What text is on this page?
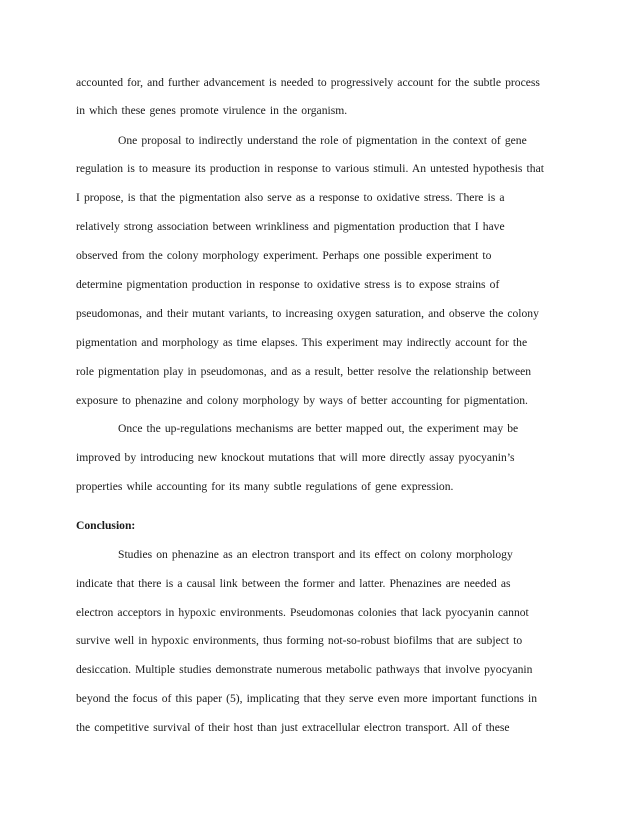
accounted for, and further advancement is needed to progressively account for the subtle process
in which these genes promote virulence in the organism.
One proposal to indirectly understand the role of pigmentation in the context of gene
regulation is to measure its production in response to various stimuli. An untested hypothesis that
I propose, is that the pigmentation also serve as a response to oxidative stress. There is a
relatively strong association between wrinkliness and pigmentation production that I have
observed from the colony morphology experiment. Perhaps one possible experiment to
determine pigmentation production in response to oxidative stress is to expose strains of
pseudomonas, and their mutant variants, to increasing oxygen saturation, and observe the colony
pigmentation and morphology as time elapses. This experiment may indirectly account for the
role pigmentation play in pseudomonas, and as a result, better resolve the relationship between
exposure to phenazine and colony morphology by ways of better accounting for pigmentation.
Once the up-regulations mechanisms are better mapped out, the experiment may be
improved by introducing new knockout mutations that will more directly assay pyocyanin’s
properties while accounting for its many subtle regulations of gene expression.
Conclusion:
Studies on phenazine as an electron transport and its effect on colony morphology
indicate that there is a causal link between the former and latter. Phenazines are needed as
electron acceptors in hypoxic environments. Pseudomonas colonies that lack pyocyanin cannot
survive well in hypoxic environments, thus forming not-so-robust biofilms that are subject to
desiccation. Multiple studies demonstrate numerous metabolic pathways that involve pyocyanin
beyond the focus of this paper (5), implicating that they serve even more important functions in
the competitive survival of their host than just extracellular electron transport. All of these
